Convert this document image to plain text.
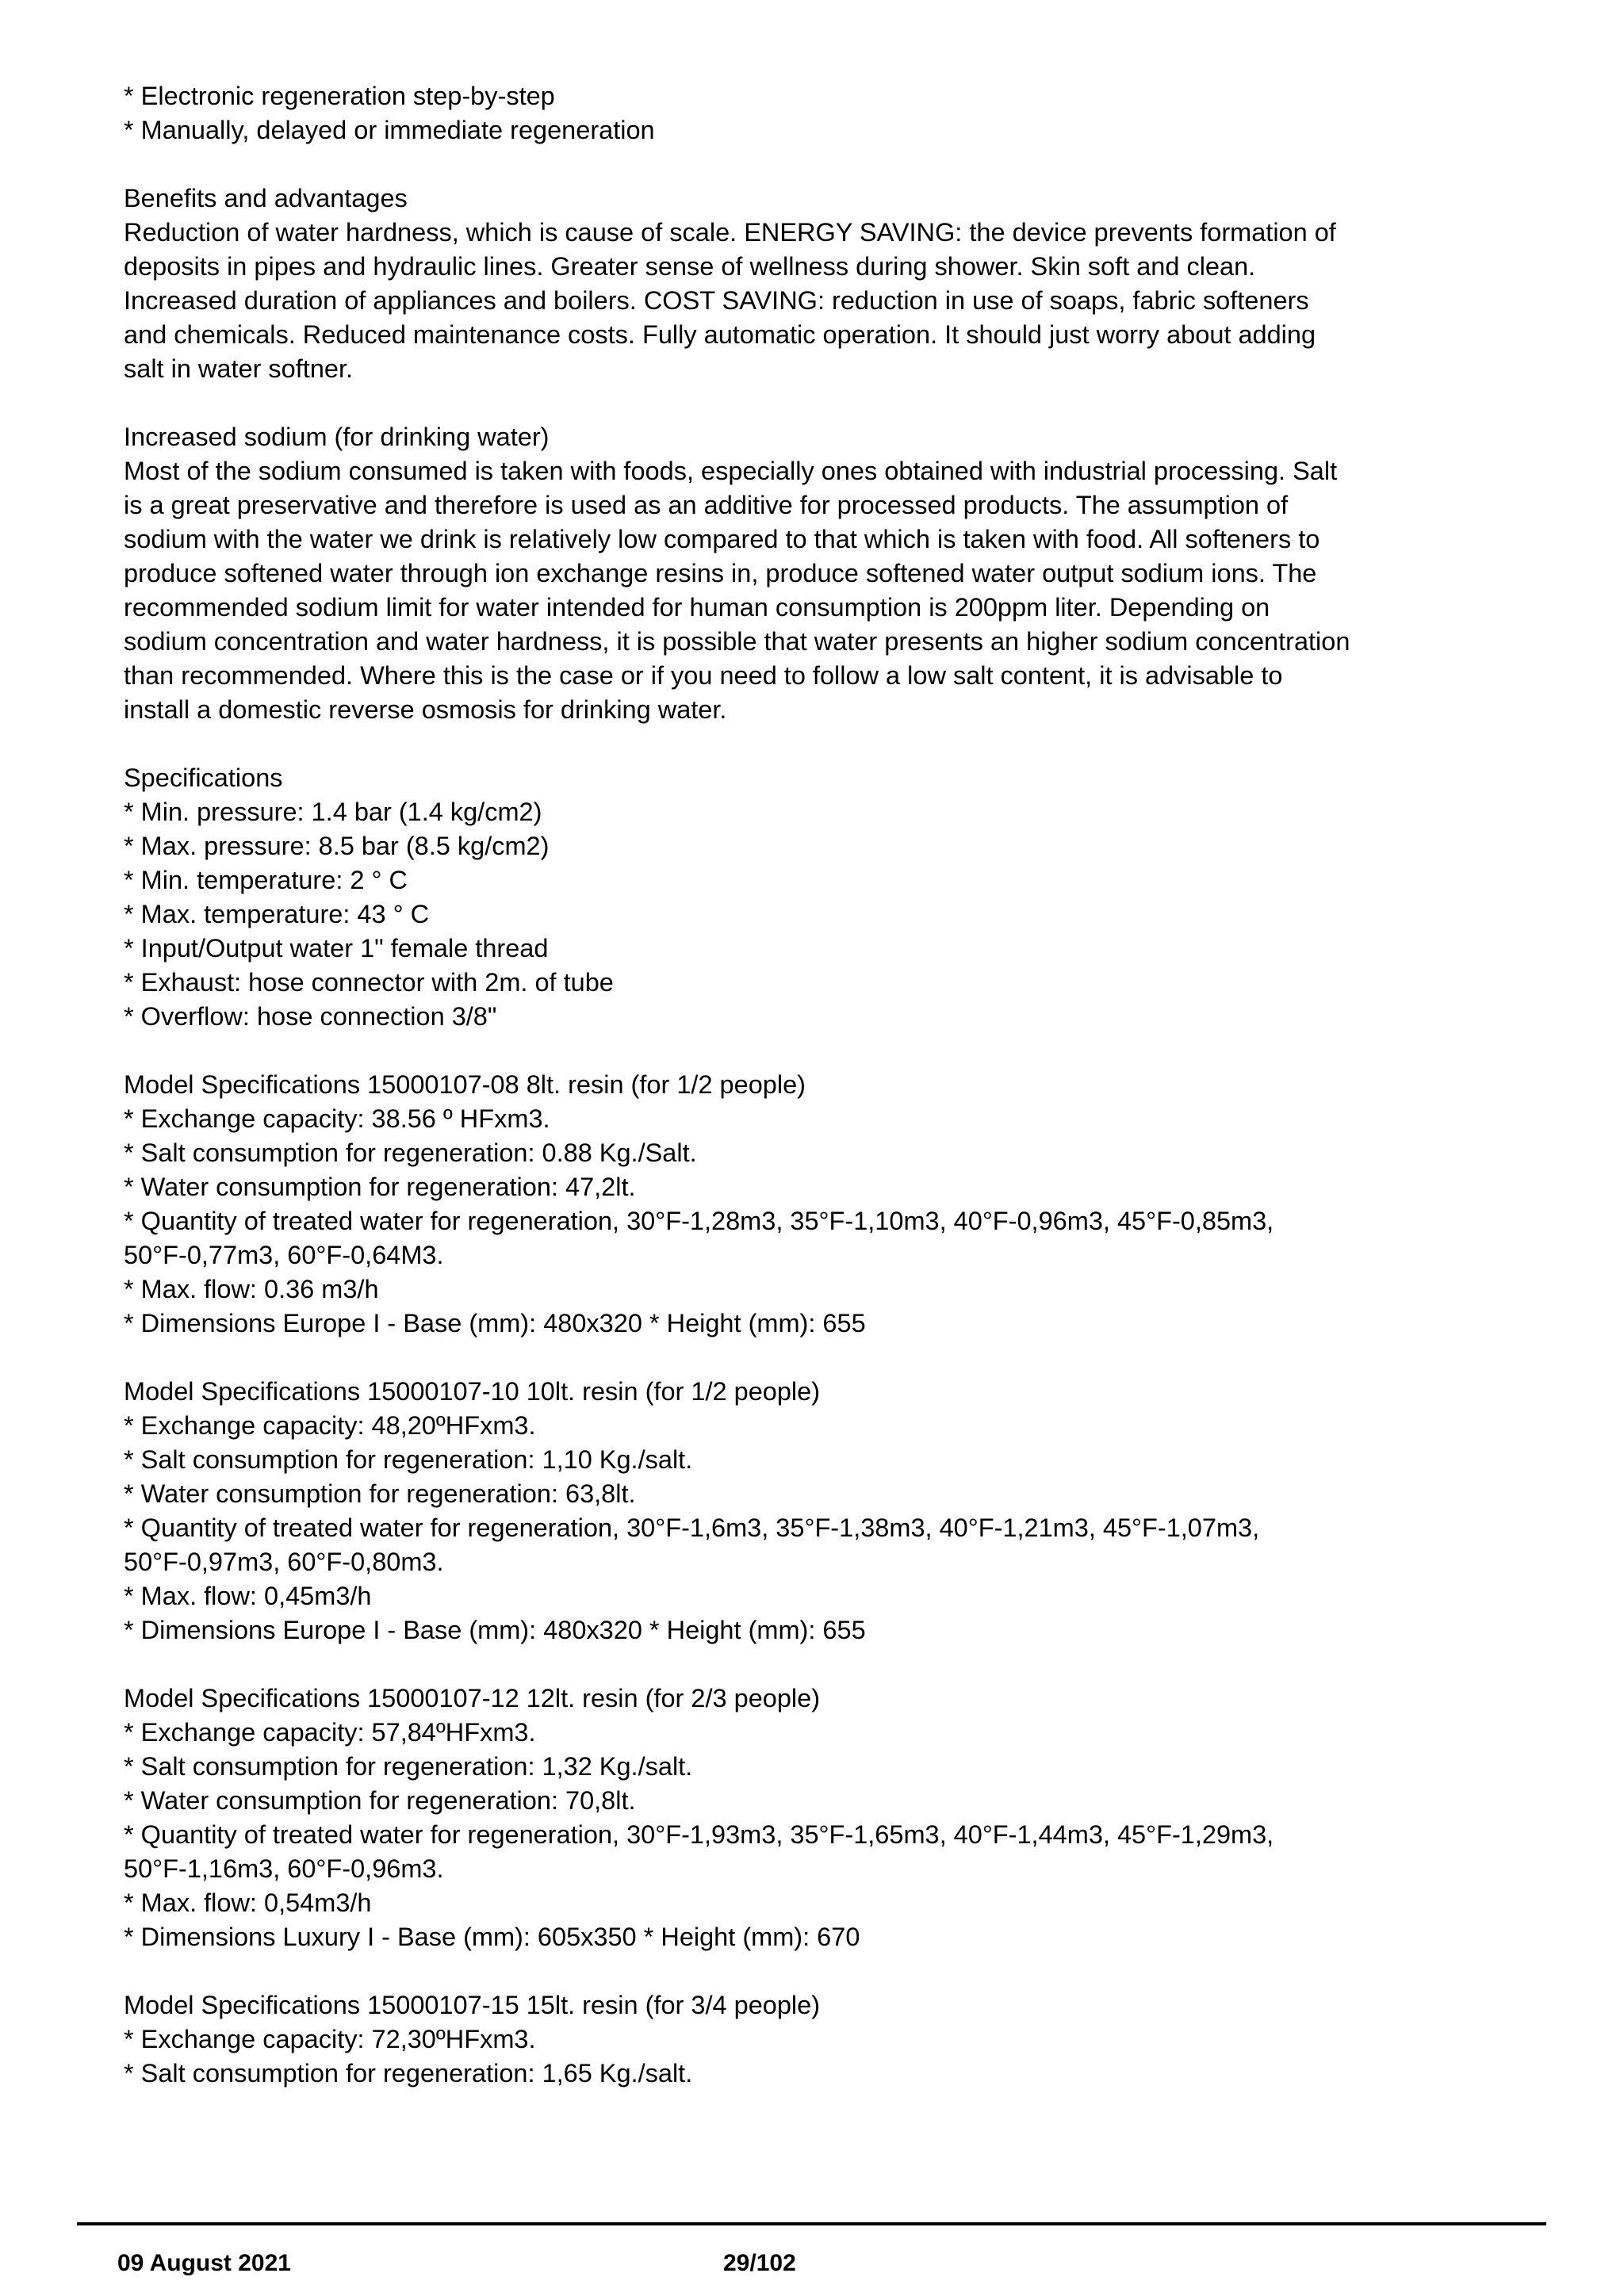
* Electronic regeneration step-by-step
* Manually, delayed or immediate regeneration
Benefits and advantages
Reduction of water hardness, which is cause of scale. ENERGY SAVING: the device prevents formation of
deposits in pipes and hydraulic lines. Greater sense of wellness during shower. Skin soft and clean.
Increased duration of appliances and boilers. COST SAVING: reduction in use of soaps, fabric softeners
and chemicals. Reduced maintenance costs. Fully automatic operation. It should just worry about adding
salt in water softner.
Increased sodium (for drinking water)
Most of the sodium consumed is taken with foods, especially ones obtained with industrial processing. Salt
is a great preservative and therefore is used as an additive for processed products. The assumption of
sodium with the water we drink is relatively low compared to that which is taken with food. All softeners to
produce softened water through ion exchange resins in, produce softened water output sodium ions. The
recommended sodium limit for water intended for human consumption is 200ppm liter. Depending on
sodium concentration and water hardness, it is possible that water presents an higher sodium concentration
than recommended. Where this is the case or if you need to follow a low salt content, it is advisable to
install a domestic reverse osmosis for drinking water.
Specifications
* Min. pressure: 1.4 bar (1.4 kg/cm2)
* Max. pressure: 8.5 bar (8.5 kg/cm2)
* Min. temperature: 2 ° C
* Max. temperature: 43 ° C
* Input/Output water 1" female thread
* Exhaust: hose connector with 2m. of tube
* Overflow: hose connection 3/8"
Model Specifications 15000107-08 8lt. resin (for 1/2 people)
* Exchange capacity: 38.56 º HFxm3.
* Salt consumption for regeneration: 0.88 Kg./Salt.
* Water consumption for regeneration: 47,2lt.
* Quantity of treated water for regeneration, 30°F-1,28m3, 35°F-1,10m3, 40°F-0,96m3, 45°F-0,85m3,
50°F-0,77m3, 60°F-0,64M3.
* Max. flow: 0.36 m3/h
* Dimensions Europe I - Base (mm): 480x320 * Height (mm): 655
Model Specifications 15000107-10 10lt. resin (for 1/2 people)
* Exchange capacity: 48,20ºHFxm3.
* Salt consumption for regeneration: 1,10 Kg./salt.
* Water consumption for regeneration: 63,8lt.
* Quantity of treated water for regeneration, 30°F-1,6m3, 35°F-1,38m3, 40°F-1,21m3, 45°F-1,07m3,
50°F-0,97m3, 60°F-0,80m3.
* Max. flow: 0,45m3/h
* Dimensions Europe I - Base (mm): 480x320 * Height (mm): 655
Model Specifications 15000107-12 12lt. resin (for 2/3 people)
* Exchange capacity: 57,84ºHFxm3.
* Salt consumption for regeneration: 1,32 Kg./salt.
* Water consumption for regeneration: 70,8lt.
* Quantity of treated water for regeneration, 30°F-1,93m3, 35°F-1,65m3, 40°F-1,44m3, 45°F-1,29m3,
50°F-1,16m3, 60°F-0,96m3.
* Max. flow: 0,54m3/h
* Dimensions Luxury I - Base (mm): 605x350 * Height (mm): 670
Model Specifications 15000107-15 15lt. resin (for 3/4 people)
* Exchange capacity: 72,30ºHFxm3.
* Salt consumption for regeneration: 1,65 Kg./salt.
09 August 2021	29/102
